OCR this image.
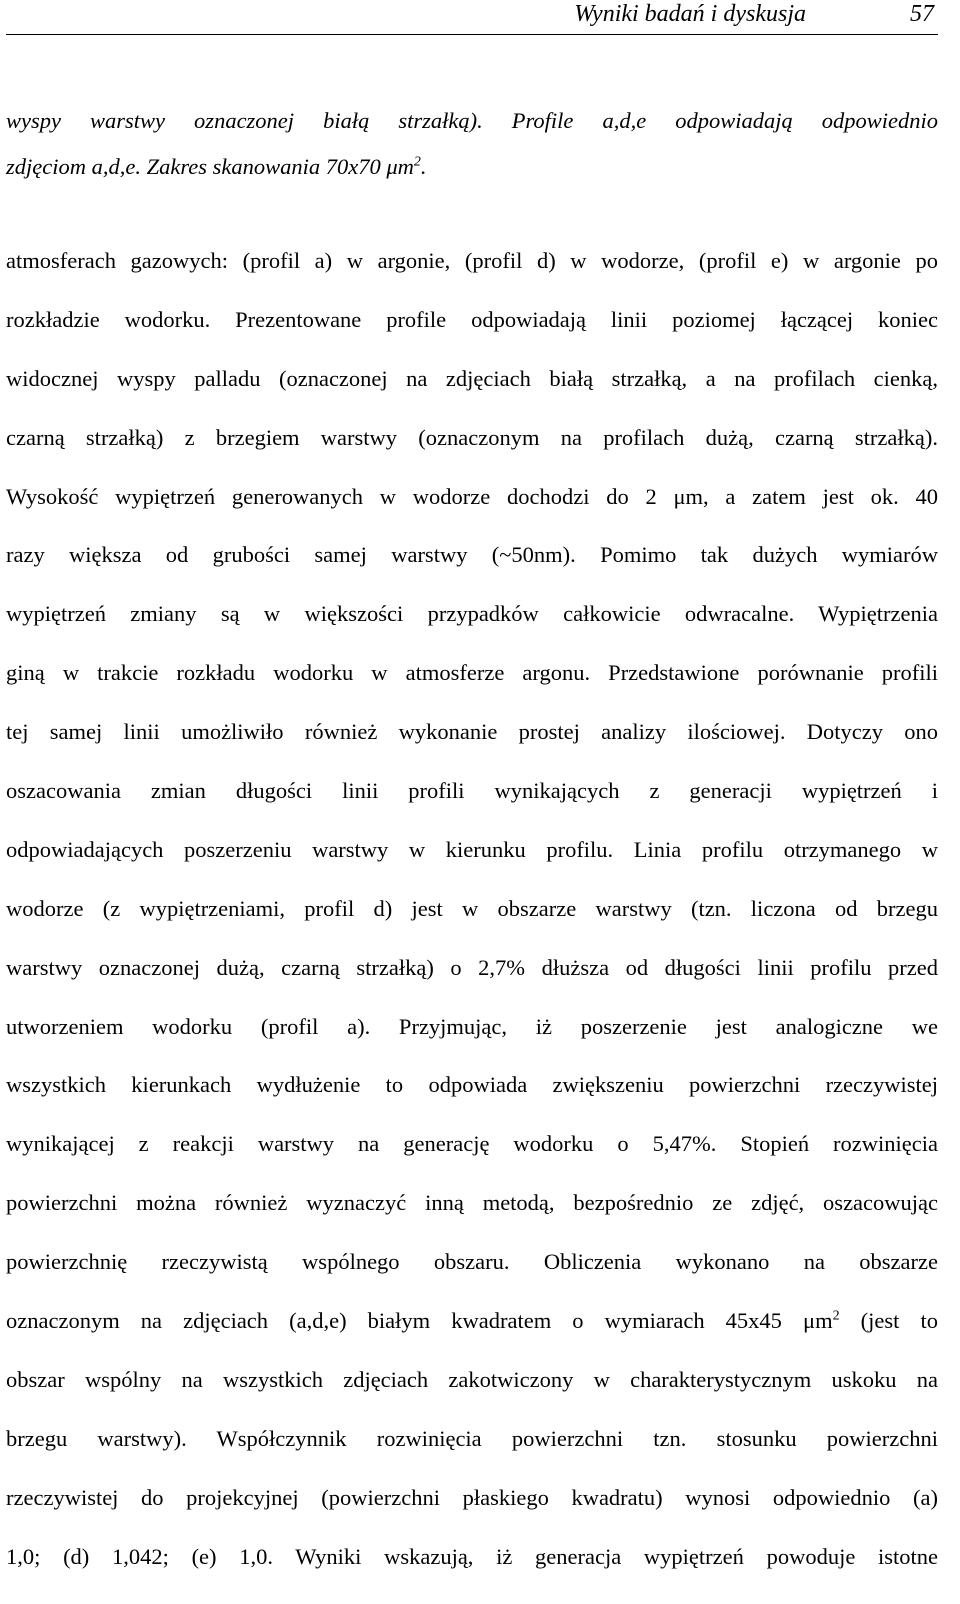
Wyniki badań i dyskusja	57
wyspy warstwy oznaczonej białą strzałką). Profile a,d,e odpowiadają odpowiednio
zdjęciom a,d,e. Zakres skanowania 70x70 $\mu m^2$.
atmosferach gazowych: (profil a) w argonie, (profil d) w wodorze, (profil e) w argonie po
rozkładzie wodorku. Prezentowane profile odpowiadają linii poziomej łączącej koniec
widocznej wyspy palladu (oznaczonej na zdjęciach białą strzałką, a na profilach cienką,
czarną strzałką) z brzegiem warstwy (oznaczonym na profilach dużą, czarną strzałką).
Wysokość wypiętrzeń generowanych w wodorze dochodzi do 2 μm, a zatem jest ok. 40
razy większa od grubości samej warstwy (~50nm). Pomimo tak dużych wymiarów
wypiętrzeń zmiany są w większości przypadków całkowicie odwracalne. Wypiętrzenia
giną w trakcie rozkładu wodorku w atmosferze argonu. Przedstawione porównanie profili
tej samej linii umożliwiło również wykonanie prostej analizy ilościowej. Dotyczy ono
oszacowania zmian długości linii profili wynikających z generacji wypiętrzeń i
odpowiadających poszerzeniu warstwy w kierunku profilu. Linia profilu otrzymanego w
wodorze (z wypiętrzeniami, profil d) jest w obszarze warstwy (tzn. liczona od brzegu
warstwy oznaczonej dużą, czarną strzałką) o 2,7% dłuższa od długości linii profilu przed
utworzeniem wodorku (profil a). Przyjmując, iż poszerzenie jest analogiczne we
wszystkich kierunkach wydłużenie to odpowiada zwiększeniu powierzchni rzeczywistej
wynikającej z reakcji warstwy na generację wodorku o 5,47%. Stopień rozwinięcia
powierzchni można również wyznaczyć inną metodą, bezpośrednio ze zdjęć, oszacowując
powierzchnię rzeczywistą wspólnego obszaru. Obliczenia wykonano na obszarze
oznaczonym na zdjęciach (a,d,e) białym kwadratem o wymiarach 45x45 $\mu m^2$ (jest to
obszar wspólny na wszystkich zdjęciach zakotwiczony w charakterystycznym uskoku na
brzegu warstwy). Współczynnik rozwinięcia powierzchni tzn. stosunku powierzchni
rzeczywistej do projekcyjnej (powierzchni płaskiego kwadratu) wynosi odpowiednio (a)
1,0; (d) 1,042; (e) 1,0. Wyniki wskazują, iż generacja wypiętrzeń powoduje istotne
